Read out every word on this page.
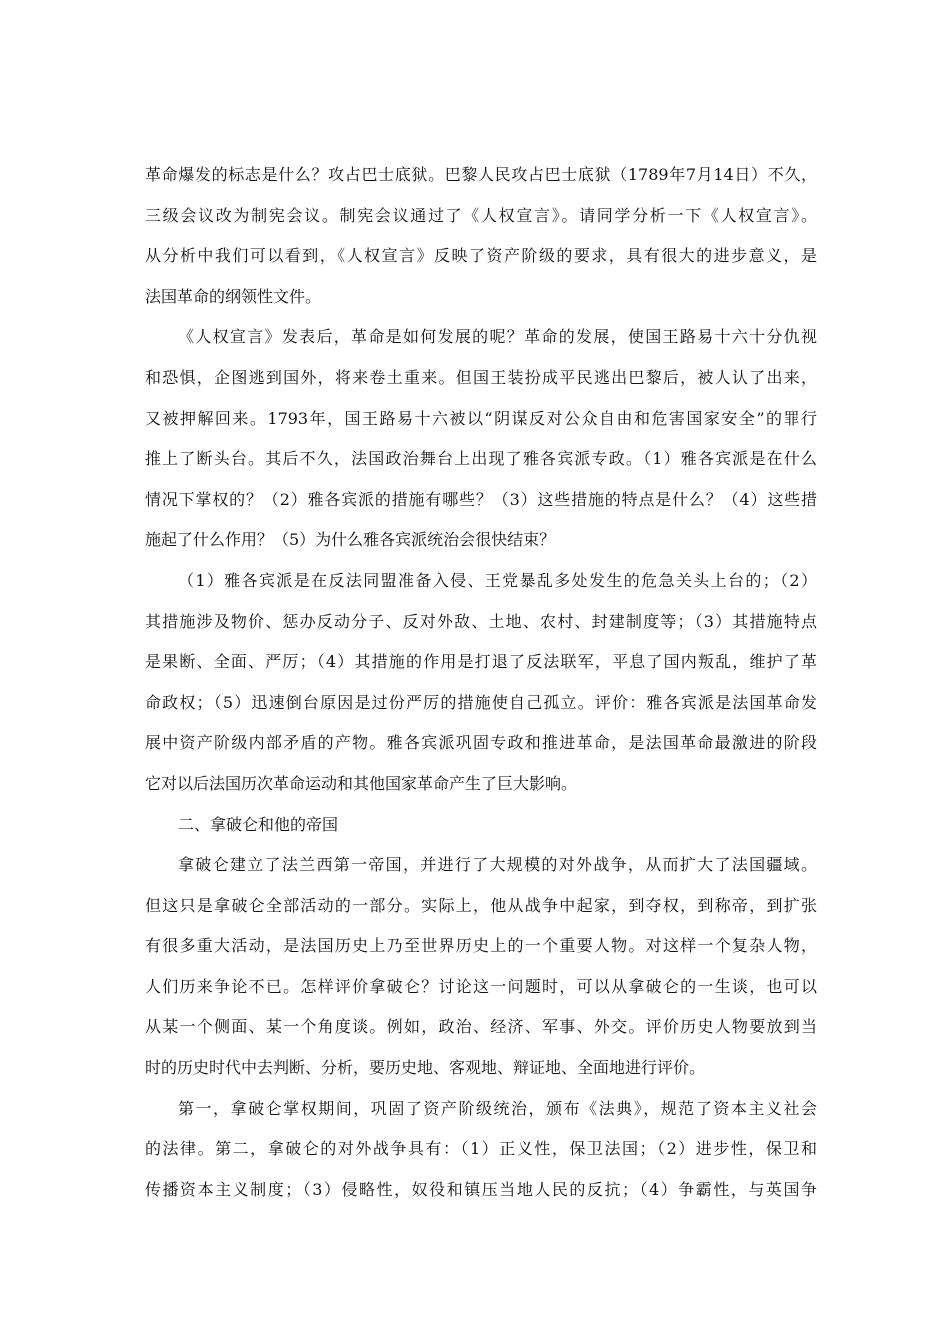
革命爆发的标志是什么？攻占巴士底狱。巴黎人民攻占巴士底狱（1789年7月14日）不久，
三级会议改为制宪会议。制宪会议通过了《人权宣言》。请同学分析一下《人权宣言》。
从分析中我们可以看到，《人权宣言》反映了资产阶级的要求，具有很大的进步意义，是
法国革命的纲领性文件。
《人权宣言》发表后，革命是如何发展的呢？革命的发展，使国王路易十六十分仇视
和恐惧，企图逃到国外，将来卷土重来。但国王装扮成平民逃出巴黎后，被人认了出来，
又被押解回来。1793年，国王路易十六被以“阴谋反对公众自由和危害国家安全”的罪行
推上了断头台。其后不久，法国政治舞台上出现了雅各宾派专政。（1）雅各宾派是在什么
情况下掌权的？（2）雅各宾派的措施有哪些？（3）这些措施的特点是什么？（4）这些措
施起了什么作用？（5）为什么雅各宾派统治会很快结束？
（1）雅各宾派是在反法同盟准备入侵、王党暴乱多处发生的危急关头上台的；（2）
其措施涉及物价、惩办反动分子、反对外敌、土地、农村、封建制度等；（3）其措施特点
是果断、全面、严厉；（4）其措施的作用是打退了反法联军，平息了国内叛乱，维护了革
命政权；（5）迅速倒台原因是过份严厉的措施使自己孤立。评价：雅各宾派是法国革命发
展中资产阶级内部矛盾的产物。雅各宾派巩固专政和推进革命，是法国革命最激进的阶段
它对以后法国历次革命运动和其他国家革命产生了巨大影响。
二、拿破仑和他的帝国
拿破仑建立了法兰西第一帝国，并进行了大规模的对外战争，从而扩大了法国疆域。
但这只是拿破仑全部活动的一部分。实际上，他从战争中起家，到夺权，到称帝，到扩张
有很多重大活动，是法国历史上乃至世界历史上的一个重要人物。对这样一个复杂人物，
人们历来争论不已。怎样评价拿破仑？讨论这一问题时，可以从拿破仑的一生谈，也可以
从某一个侧面、某一个角度谈。例如，政治、经济、军事、外交。评价历史人物要放到当
时的历史时代中去判断、分析，要历史地、客观地、辩证地、全面地进行评价。
第一，拿破仑掌权期间，巩固了资产阶级统治，颁布《法典》，规范了资本主义社会
的法律。第二，拿破仑的对外战争具有：（1）正义性，保卫法国；（2）进步性，保卫和
传播资本主义制度；（3）侵略性，奴役和镇压当地人民的反抗；（4）争霸性，与英国争
